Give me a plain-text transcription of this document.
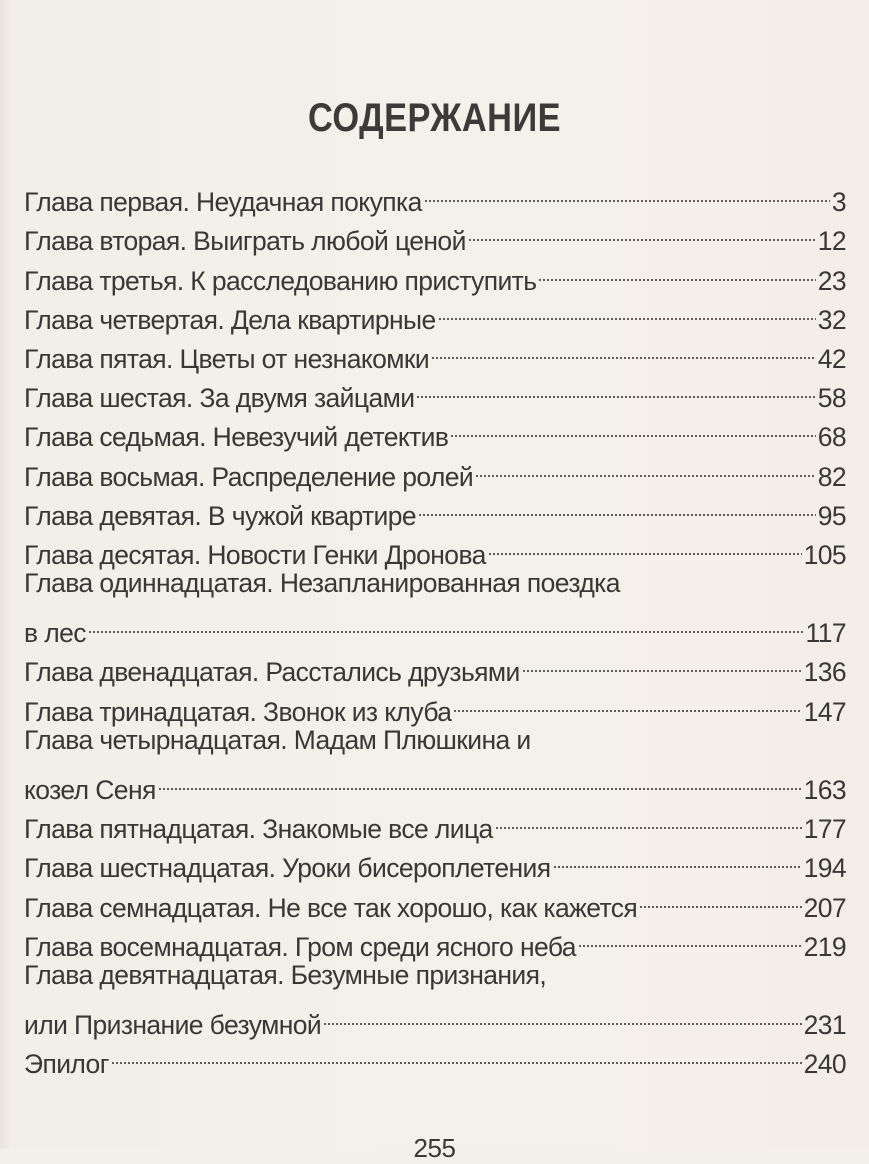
СОДЕРЖАНИЕ
Глава первая. Неудачная покупка	3
Глава вторая. Выиграть любой ценой	12
Глава третья. К расследованию приступить	23
Глава четвертая. Дела квартирные	32
Глава пятая. Цветы от незнакомки	42
Глава шестая. За двумя зайцами	58
Глава седьмая. Невезучий детектив	68
Глава восьмая. Распределение ролей	82
Глава девятая. В чужой квартире	95
Глава десятая. Новости Генки Дронова	105
Глава одиннадцатая. Незапланированная поездка
в лес	117
Глава двенадцатая. Расстались друзьями	136
Глава тринадцатая. Звонок из клуба	147
Глава четырнадцатая. Мадам Плюшкина и
козел Сеня	163
Глава пятнадцатая. Знакомые все лица	177
Глава шестнадцатая. Уроки бисероплетения	194
Глава семнадцатая. Не все так хорошо, как кажется	207
Глава восемнадцатая. Гром среди ясного неба	219
Глава девятнадцатая. Безумные признания,
или Признание безумной	231
Эпилог	240
255
